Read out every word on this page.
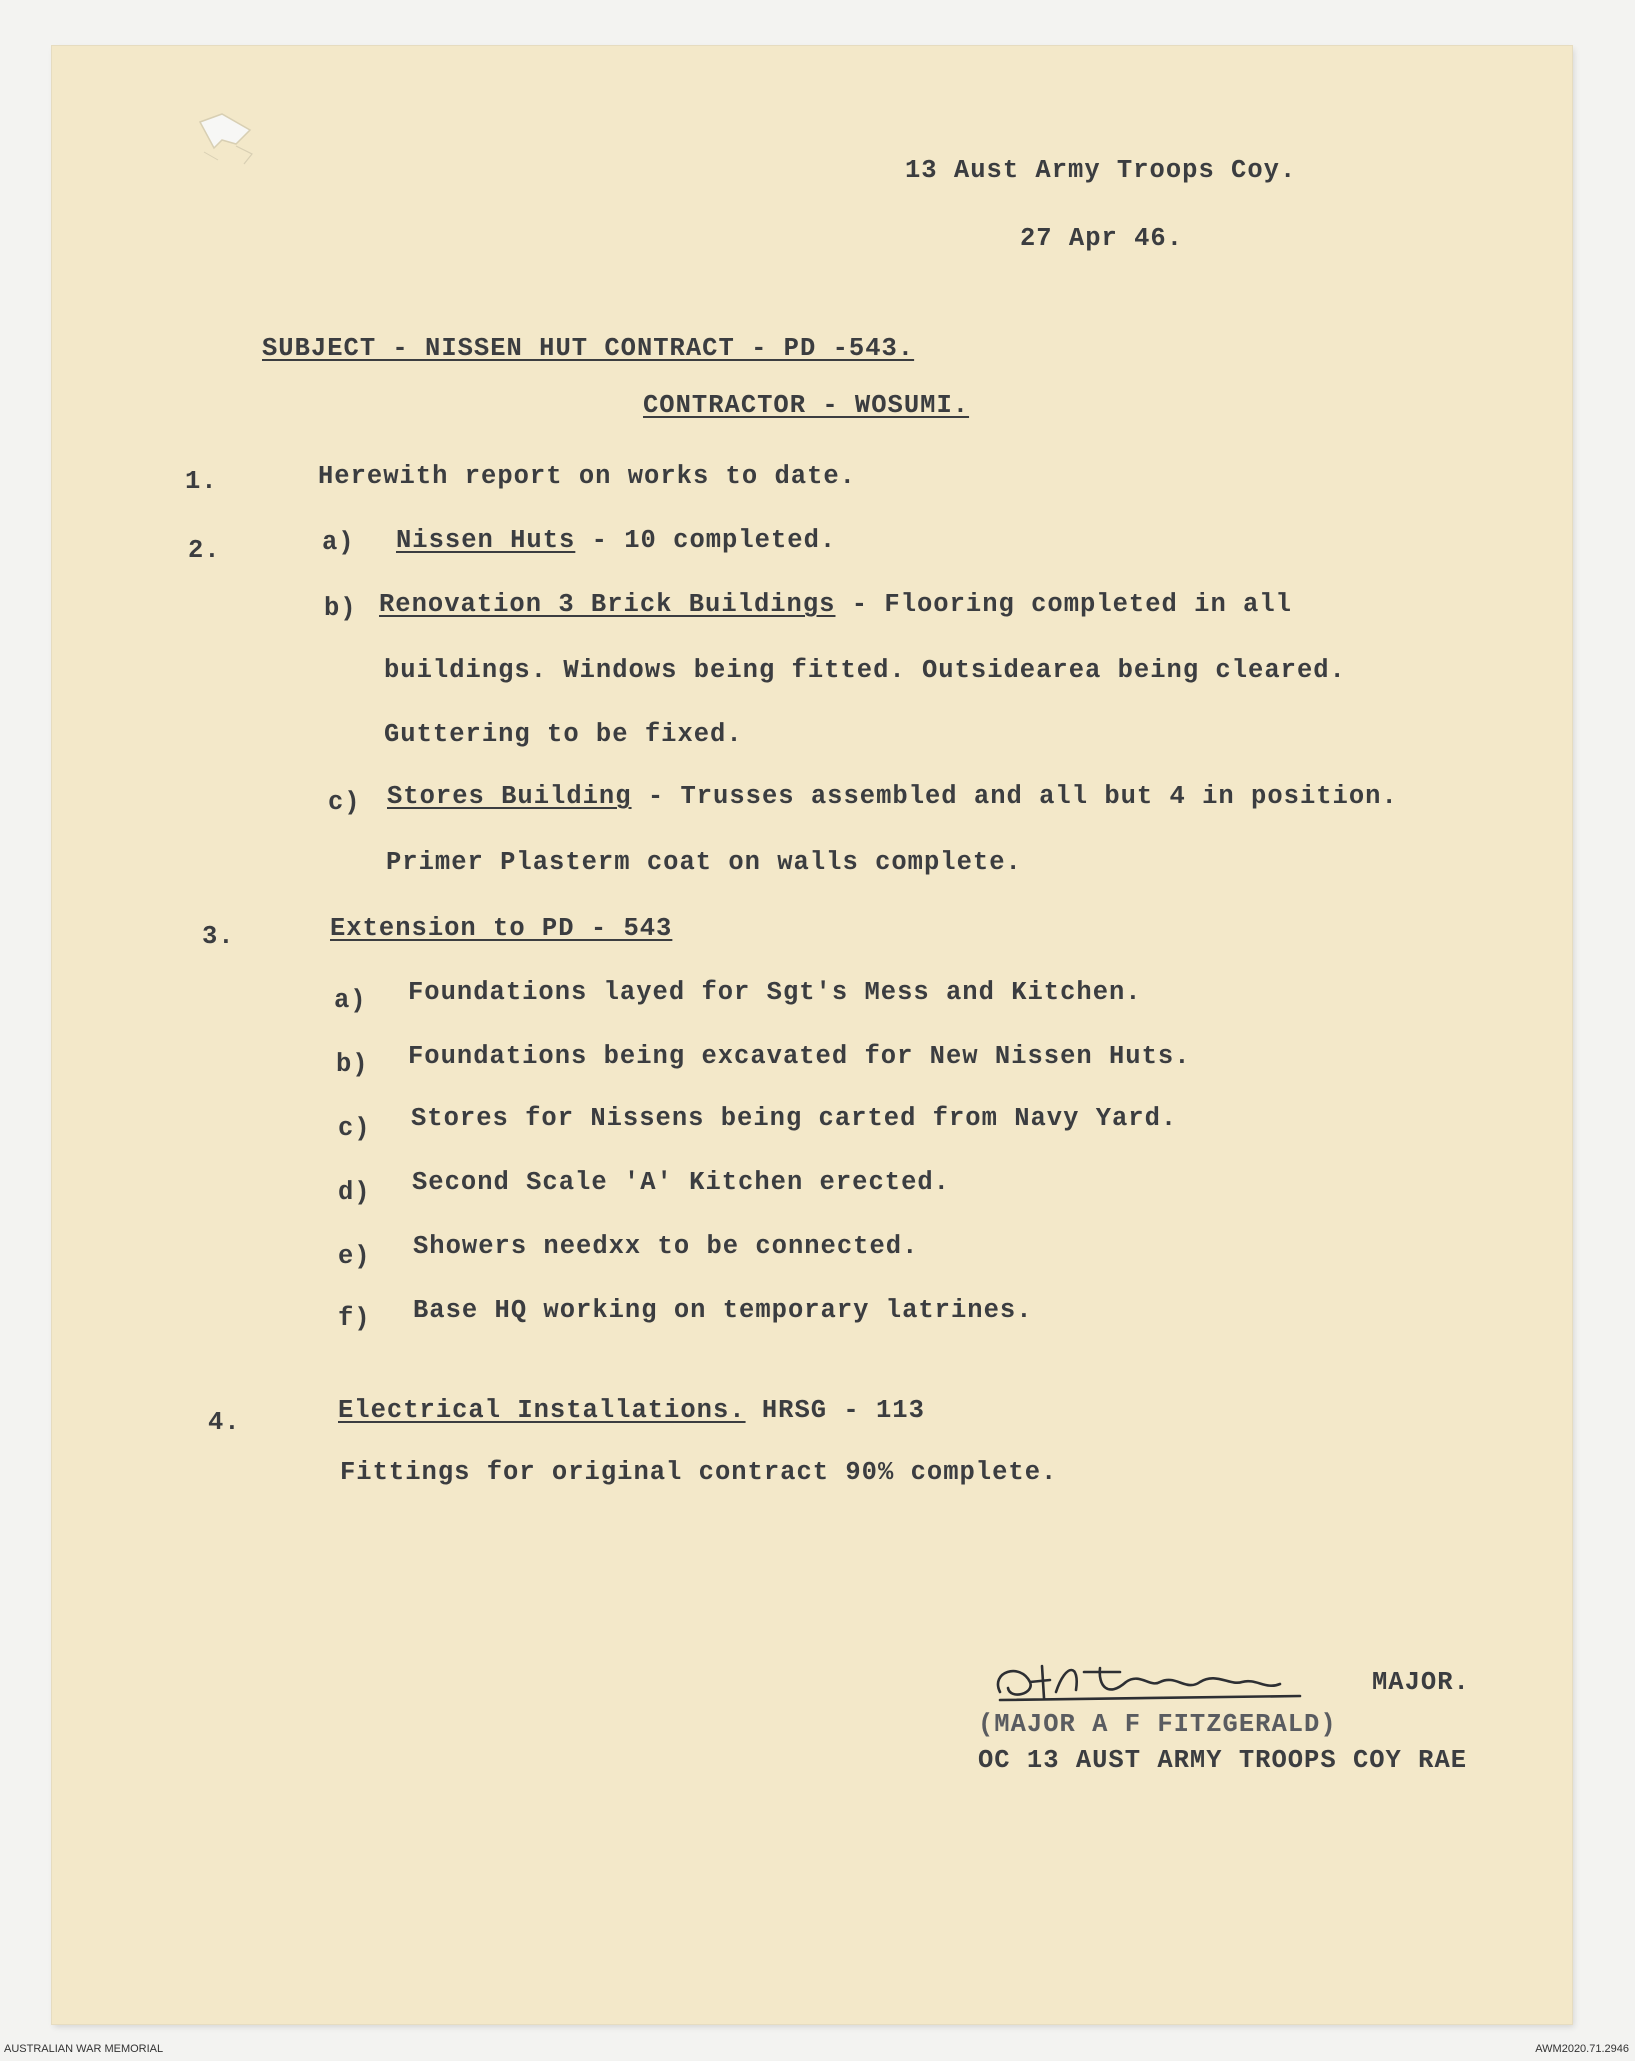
13 Aust Army Troops Coy.
27 Apr 46.
SUBJECT - NISSEN HUT CONTRACT - PD -543.
CONTRACTOR - WOSUMI.
1.	Herewith report on works to date.
2.	a) Nissen Huts - 10 completed.
b) Renovation 3 Brick Buildings - Flooring completed in all
buildings. Windows being fitted. Outsidearea being cleared.
Guttering to be fixed.
c) Stores Building - Trusses assembled and all but 4 in position.
Primer Plasterm coat on walls complete.
3.	Extension to PD - 543
a) Foundations layed for Sgt's Mess and Kitchen.
b) Foundations being excavated for New Nissen Huts.
c) Stores for Nissens being carted from Navy Yard.
d) Second Scale 'A' Kitchen erected.
e) Showers needxx to be connected.
f) Base HQ working on temporary latrines.
4.	Electrical Installations. HRSG - 113
Fittings for original contract 90% complete.
MAJOR.
(MAJOR A F FITZGERALD)
OC 13 AUST ARMY TROOPS COY RAE
AUSTRALIAN WAR MEMORIAL	AWM2020.71.2946
